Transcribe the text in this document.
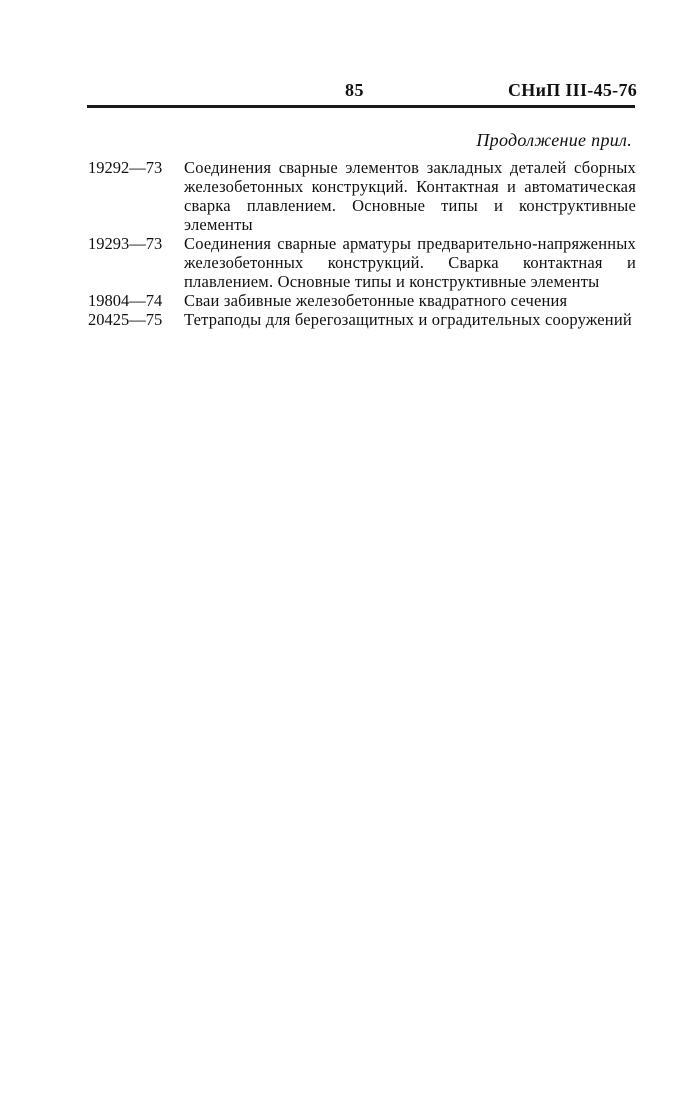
85	СНиП III-45-76
Продолжение прил.
19292—73	Соединения сварные элементов закладных деталей сборных железобетонных конструкций. Контактная и автоматическая сварка плавлением. Основные типы и конструктивные элементы
19293—73	Соединения сварные арматуры предварительно-напряженных железобетонных конструкций. Сварка контактная и плавлением. Основные типы и конструктивные элементы
19804—74	Сваи забивные железобетонные квадратного сечения
20425—75	Тетраподы для берегозащитных и оградительных сооружений
